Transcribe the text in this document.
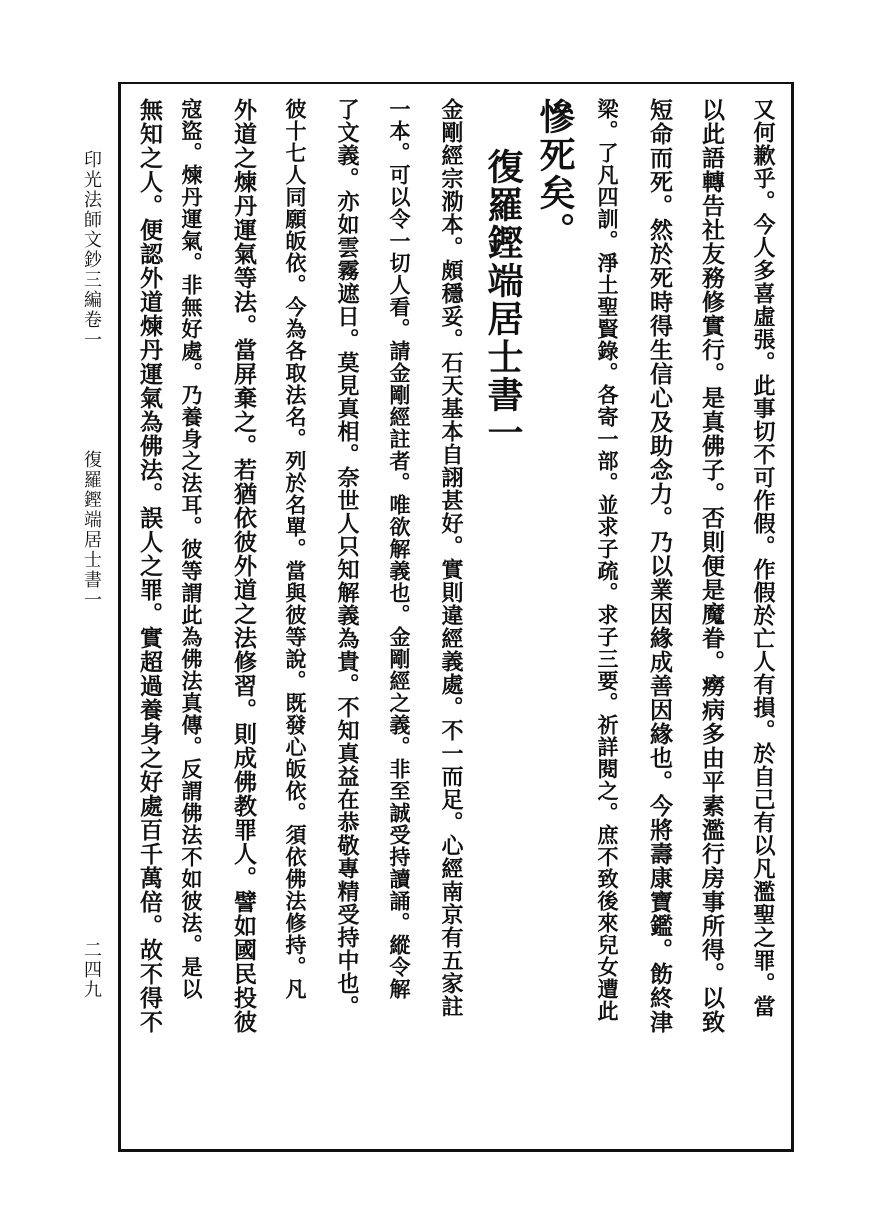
印光法師文鈔三編卷一
復羅鏗端居士書一
二四九	又何歉乎。今人多喜虛張。此事切不可作假。作假於亡人有損。於自己有以凡濫聖之罪。當
以此語轉告社友務修實行。是真佛子。否則便是魔眷。癆病多由平素濫行房事所得。以致
短命而死。然於死時得生信心及助念力。乃以業因緣成善因緣也。今將壽康寶鑑。飭終津
梁。了凡四訓。淨土聖賢錄。各寄一部。並求子疏。求子三要。祈詳閱之。庶不致後來兒女遭此
慘死矣。
復羅鏗端居士書一
金剛經宗泐本。頗穩妥。石天基本自詡甚好。實則違經義處。不一而足。心經南京有五家註
一本。可以令一切人看。請金剛經註者。唯欲解義也。金剛經之義。非至誠受持讀誦。縱令解
了文義。亦如雲霧遮日。莫見真相。奈世人只知解義為貴。不知真益在恭敬專精受持中也。
彼十七人同願皈依。今為各取法名。列於名單。當與彼等說。既發心皈依。須依佛法修持。凡
外道之煉丹運氣等法。當屏棄之。若猶依彼外道之法修習。則成佛教罪人。譬如國民投彼
寇盜。煉丹運氣。非無好處。乃養身之法耳。彼等謂此為佛法真傳。反謂佛法不如彼法。是以
無知之人。便認外道煉丹運氣為佛法。誤人之罪。實超過養身之好處百千萬倍。故不得不
